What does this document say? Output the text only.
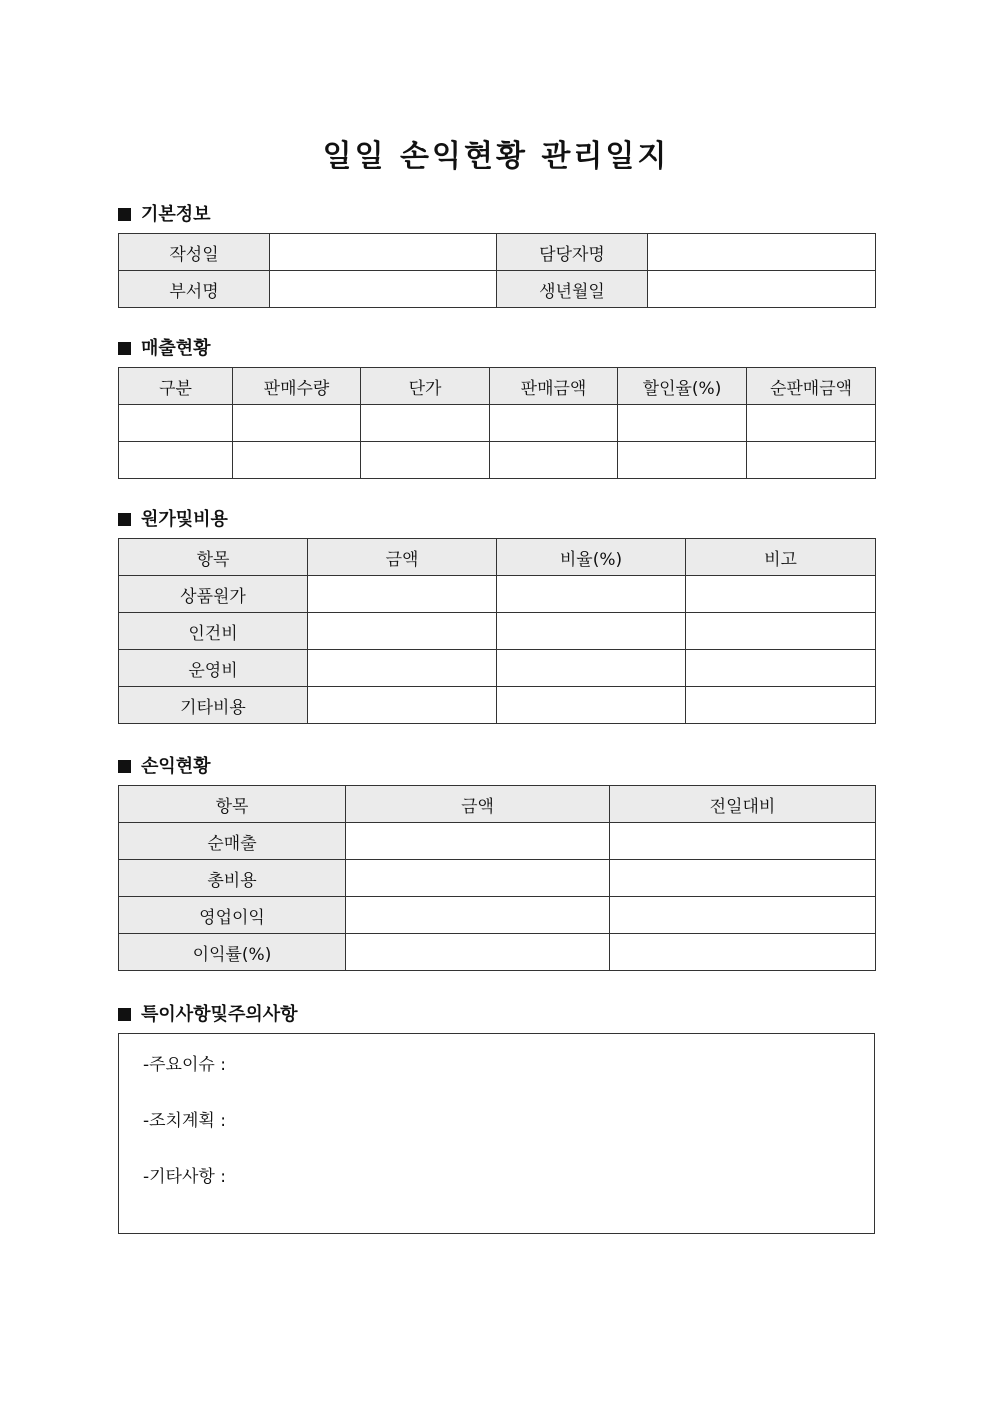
일일 손익현황 관리일지
기본정보
작성일		담당자명	
부서명		생년월일	
매출현황
구분	판매수량	단가	판매금액	할인율(%)	순판매금액

원가및비용
항목	금액	비율(%)	비고
상품원가			
인건비			
운영비			
기타비용			
손익현황
항목	금액	전일대비
순매출		
총비용		
영업이익		
이익률(%)		
특이사항및주의사항
-주요이슈 :
-조치계획 :
-기타사항 :
